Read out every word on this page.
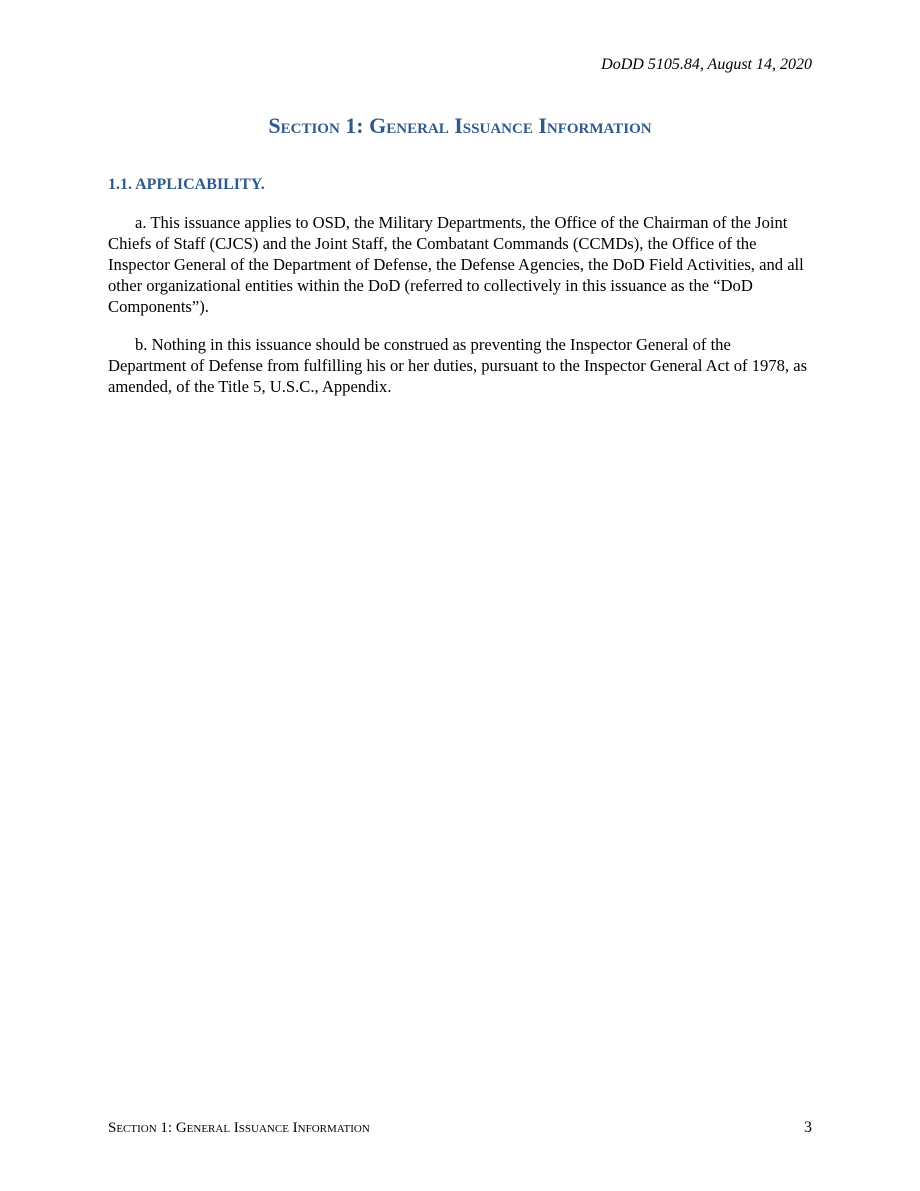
DoDD 5105.84, August 14, 2020
Section 1: General Issuance Information
1.1. APPLICABILITY.

a. This issuance applies to OSD, the Military Departments, the Office of the Chairman of the Joint Chiefs of Staff (CJCS) and the Joint Staff, the Combatant Commands (CCMDs), the Office of the Inspector General of the Department of Defense, the Defense Agencies, the DoD Field Activities, and all other organizational entities within the DoD (referred to collectively in this issuance as the “DoD Components”).

b. Nothing in this issuance should be construed as preventing the Inspector General of the Department of Defense from fulfilling his or her duties, pursuant to the Inspector General Act of 1978, as amended, of the Title 5, U.S.C., Appendix.

Section 1: General Issuance Information	3
